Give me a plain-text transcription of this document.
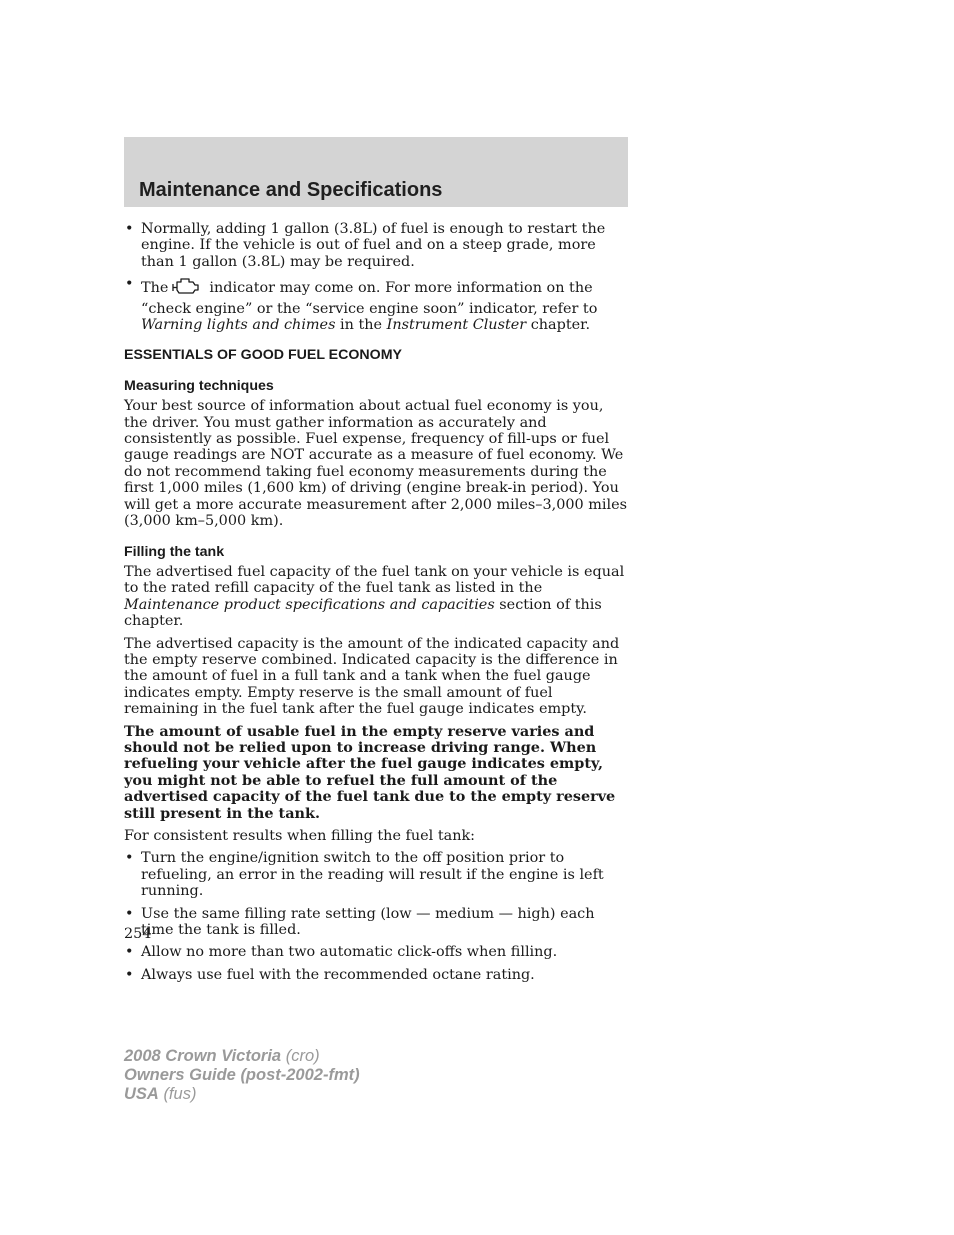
Maintenance and Specifications
• Normally, adding 1 gallon (3.8L) of fuel is enough to restart the engine. If the vehicle is out of fuel and on a steep grade, more than 1 gallon (3.8L) may be required.
• The	indicator may come on. For more information on the “check engine” or the “service engine soon” indicator, refer to Warning lights and chimes in the Instrument Cluster chapter.
ESSENTIALS OF GOOD FUEL ECONOMY
Measuring techniques

Your best source of information about actual fuel economy is you, the driver. You must gather information as accurately and consistently as possible. Fuel expense, frequency of fill-ups or fuel gauge readings are NOT accurate as a measure of fuel economy. We do not recommend taking fuel economy measurements during the first 1,000 miles (1,600 km) of driving (engine break-in period). You will get a more accurate measurement after 2,000 miles–3,000 miles (3,000 km–5,000 km).

Filling the tank

The advertised fuel capacity of the fuel tank on your vehicle is equal to the rated refill capacity of the fuel tank as listed in the Maintenance product specifications and capacities section of this chapter.

The advertised capacity is the amount of the indicated capacity and the empty reserve combined. Indicated capacity is the difference in the amount of fuel in a full tank and a tank when the fuel gauge indicates empty. Empty reserve is the small amount of fuel remaining in the fuel tank after the fuel gauge indicates empty.

The amount of usable fuel in the empty reserve varies and should not be relied upon to increase driving range. When refueling your vehicle after the fuel gauge indicates empty, you might not be able to refuel the full amount of the advertised capacity of the fuel tank due to the empty reserve still present in the tank.

For consistent results when filling the fuel tank:

• Turn the engine/ignition switch to the off position prior to refueling, an error in the reading will result if the engine is left running.
• Use the same filling rate setting (low — medium — high) each time the tank is filled.
• Allow no more than two automatic click-offs when filling.
• Always use fuel with the recommended octane rating.
254
2008 Crown Victoria (cro)
Owners Guide (post-2002-fmt)
USA (fus)
